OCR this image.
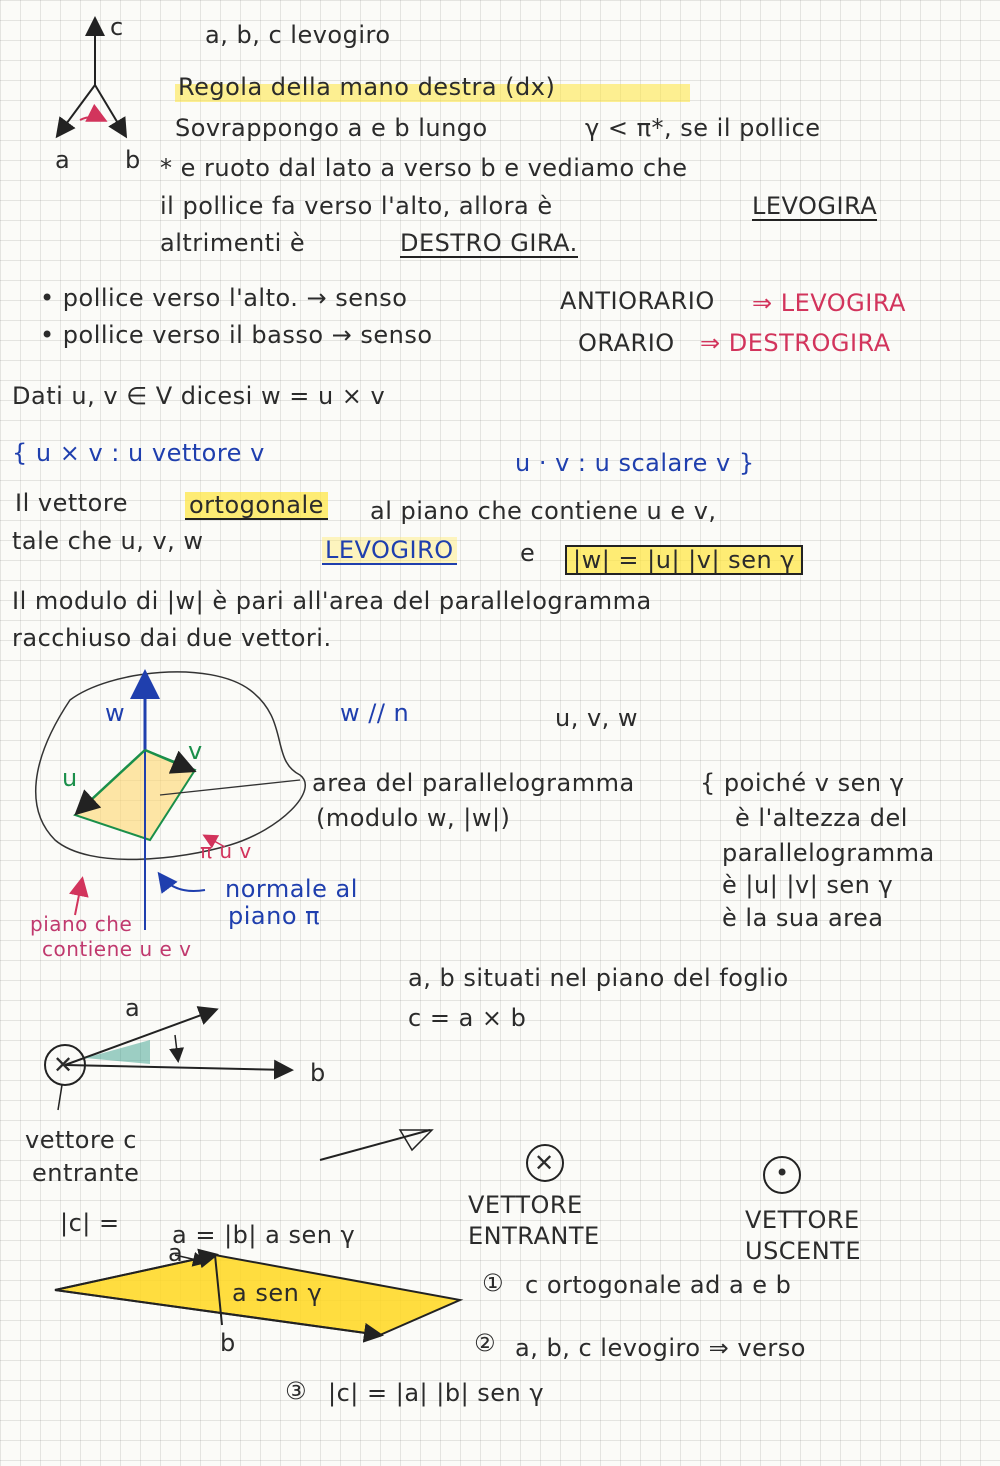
c
a b
a, b, c levogiro
Regola della mano destra (dx)
Sovrappongo a e b lungo	γ < π*, se il pollice
* e ruoto dal lato a verso b e vediamo che
il pollice fa verso l'alto, allora è	LEVOGIRA
altrimenti è	DESTRO GIRA.
• pollice verso l'alto. → senso	ANTIORARIO ⇒ LEVOGIRA
• pollice verso il basso → senso	ORARIO ⇒ DESTROGIRA
Dati u, v ∈ V dicesi w = u × v
{ u × v : u vettore v	u · v : u scalare v }
Il vettore	ortogonale al piano che contiene u e v,
tale che u, v, w	LEVOGIRO	e	|w| = |u| |v| sen γ
Il modulo di |w| è pari all'area del parallelogramma
racchiuso dai due vettori.
w
u
v
w // n	u, v, w
area del parallelogramma
(modulo w, |w|)
{ poiché v sen γ
è l'altezza del
parallelogramma
è |u| |v| sen γ
è la sua area
π u v
normale al
piano π
piano che
contiene u e v
a
b
✕
a, b situati nel piano del foglio
c = a × b
vettore c
entrante	✕	•
VETTORE
ENTRANTE
VETTORE
USCENTE
|c| = a = |b| a sen γ
a sen γ
b
a
① c ortogonale ad a e b
② a, b, c levogiro ⇒ verso
③ |c| = |a| |b| sen γ
